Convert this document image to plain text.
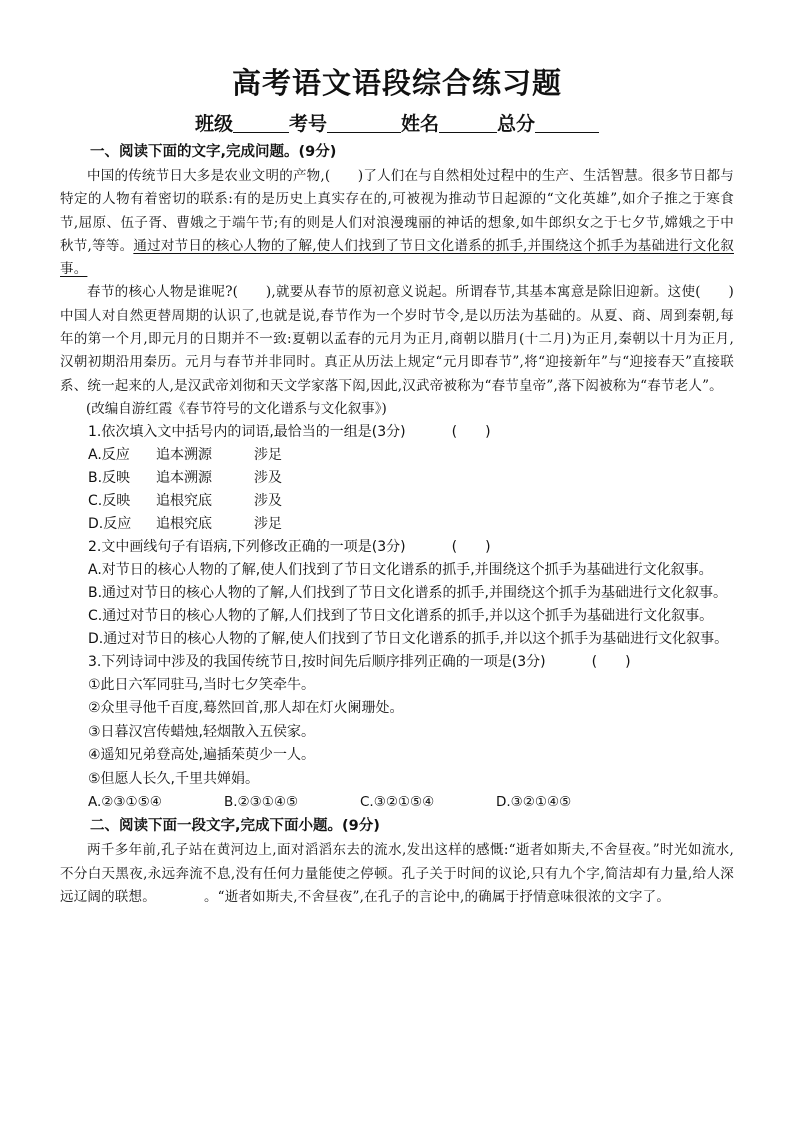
高考语文语段综合练习题
班级	考号	姓名	总分
一、阅读下面的文字,完成问题。(9分)

中国的传统节日大多是农业文明的产物,(　　)了人们在与自然相处过程中的生产、生活智慧。很多节日都与特定的人物有着密切的联系:有的是历史上真实存在的,可被视为推动节日起源的“文化英雄”,如介子推之于寒食节,屈原、伍子胥、曹娥之于端午节;有的则是人们对浪漫瑰丽的神话的想象,如牛郎织女之于七夕节,嫦娥之于中秋节,等等。通过对节日的核心人物的了解,使人们找到了节日文化谱系的抓手,并围绕这个抓手为基础进行文化叙事。

春节的核心人物是谁呢?(　　),就要从春节的原初意义说起。所谓春节,其基本寓意是除旧迎新。这使(　　)中国人对自然更替周期的认识了,也就是说,春节作为一个岁时节令,是以历法为基础的。从夏、商、周到秦朝,每年的第一个月,即元月的日期并不一致:夏朝以孟春的元月为正月,商朝以腊月(十二月)为正月,秦朝以十月为正月,汉朝初期沿用秦历。元月与春节并非同时。真正从历法上规定“元月即春节”,将“迎接新年”与“迎接春天”直接联系、统一起来的人,是汉武帝刘彻和天文学家落下闳,因此,汉武帝被称为“春节皇帝”,落下闳被称为“春节老人”。

(改编自游红霞《春节符号的文化谱系与文化叙事》)

1.依次填入文中括号内的词语,最恰当的一组是(3分)	(　　)

A.反应 追本溯源	涉足
B.反映 追本溯源	涉及
C.反映 追根究底	涉及
D.反应 追根究底	涉足

2.文中画线句子有语病,下列修改正确的一项是(3分)	(　　)

A.对节日的核心人物的了解,使人们找到了节日文化谱系的抓手,并围绕这个抓手为基础进行文化叙事。

B.通过对节日的核心人物的了解,人们找到了节日文化谱系的抓手,并围绕这个抓手为基础进行文化叙事。

C.通过对节日的核心人物的了解,人们找到了节日文化谱系的抓手,并以这个抓手为基础进行文化叙事。

D.通过对节日的核心人物的了解,使人们找到了节日文化谱系的抓手,并以这个抓手为基础进行文化叙事。

3.下列诗词中涉及的我国传统节日,按时间先后顺序排列正确的一项是(3分)	(　　)

①此日六军同驻马,当时七夕笑牵牛。
②众里寻他千百度,蓦然回首,那人却在灯火阑珊处。
③日暮汉宫传蜡烛,轻烟散入五侯家。
④遥知兄弟登高处,遍插茱萸少一人。
⑤但愿人长久,千里共婵娟。
A.②③①⑤④	B.②③①④⑤	C.③②①⑤④	D.③②①④⑤
二、阅读下面一段文字,完成下面小题。(9分)

两千多年前,孔子站在黄河边上,面对滔滔东去的流水,发出这样的感慨:“逝者如斯夫,不舍昼夜。”时光如流水,不分白天黑夜,永远奔流不息,没有任何力量能使之停顿。孔子关于时间的议论,只有九个字,简洁却有力量,给人深远辽阔的联想。　　　　。“逝者如斯夫,不舍昼夜”,在孔子的言论中,的确属于抒情意味很浓的文字了。
